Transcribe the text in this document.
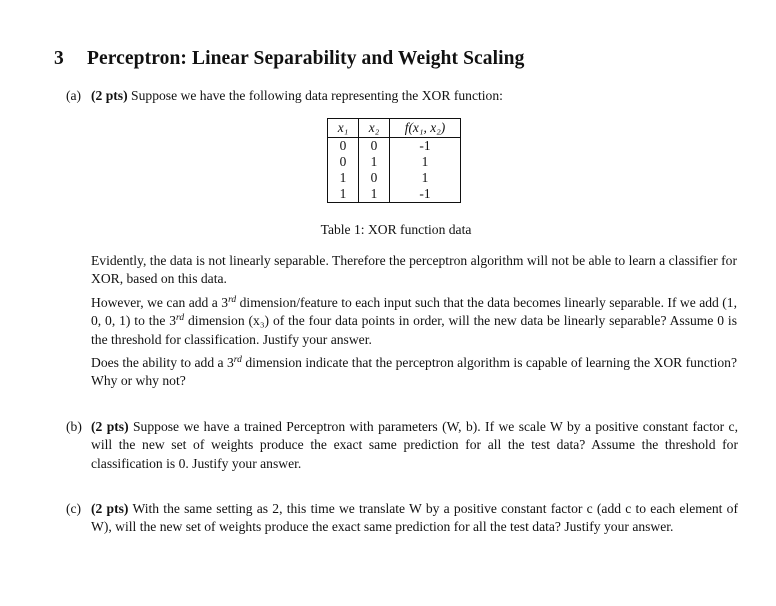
3 Perceptron: Linear Separability and Weight Scaling
(a) (2 pts) Suppose we have the following data representing the XOR function:
x₁	x₂	f(x₁, x₂)
0	0	-1
0	1	1
1	0	1
1	1	-1
Table 1: XOR function data
Evidently, the data is not linearly separable. Therefore the perceptron algorithm will not be able to learn a classifier for XOR, based on this data.
However, we can add a 3rd dimension/feature to each input such that the data becomes linearly separable. If we add (1, 0, 0, 1) to the 3rd dimension (x₃) of the four data points in order, will the new data be linearly separable? Assume 0 is the threshold for classification. Justify your answer.
Does the ability to add a 3rd dimension indicate that the perceptron algorithm is capable of learning the XOR function? Why or why not?
(b) (2 pts) Suppose we have a trained Perceptron with parameters (W, b). If we scale W by a positive constant factor c, will the new set of weights produce the exact same prediction for all the test data? Assume the threshold for classification is 0. Justify your answer.
(c) (2 pts) With the same setting as 2, this time we translate W by a positive constant factor c (add c to each element of W), will the new set of weights produce the exact same prediction for all the test data? Justify your answer.
